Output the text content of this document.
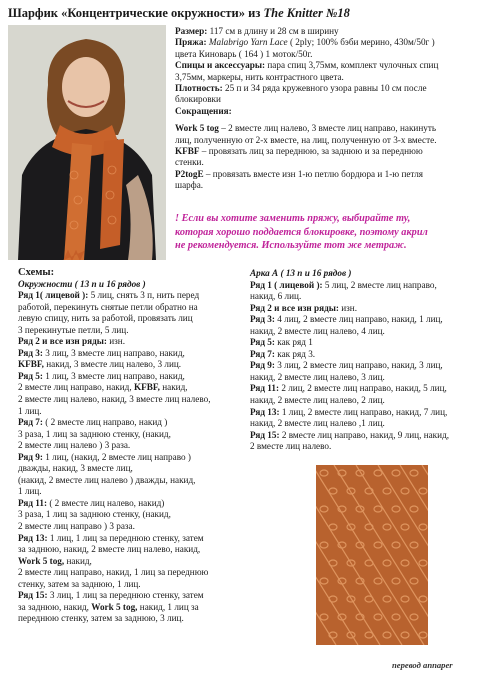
Шарфик «Концентрические окружности» из The Knitter №18

Размер: 117 см в длину и 28 см в ширину

Пряжа: Malabrigo Yarn Lace ( 2ply; 100% бэби мерино, 430м/50г )

цвета Киноварь ( 164 ) 1 моток/50г.

Спицы и аксессуары: пара спиц 3,75мм, комплект чулочных спиц

3,75мм, маркеры, нить контрастного цвета.

Плотность: 25 п и 34 ряда кружевного узора равны 10 см после

блокировки

Сокращения:

Work 5 tog – 2 вместе лиц налево, 3 вместе лиц направо, накинуть

лиц, полученную от 2-х вместе, на лиц, полученную от 3-х вместе.

KFBF – провязать лиц за переднюю, за заднюю и за переднюю

стенки.

P2togE – провязать вместе изн 1-ю петлю бордюра и 1-ю петля

шарфа.

! Если вы хотите заменить пряжу, выбирайте ту,
которая хорошо поддается блокировке, поэтому акрил
не рекомендуется. Используйте тот же метраж.

Схемы:

Окружности ( 13 п и 16 рядов )

Ряд 1( лицевой ): 5 лиц, снять 3 п, нить перед

работой, перекинуть снятые петли обратно на

левую спицу, нить за работой, провязать лиц

3 перекинутые петли, 5 лиц.

Ряд 2 и все изн ряды: изн.

Ряд 3: 3 лиц, 3 вместе лиц направо, накид,

KFBF, накид, 3 вместе лиц налево, 3 лиц.

Ряд 5: 1 лиц, 3 вместе лиц направо, накид,

2 вместе лиц направо, накид, KFBF, накид,

2 вместе лиц налево, накид, 3 вместе лиц налево,

1 лиц.

Ряд 7: ( 2 вместе лиц направо, накид )

3 раза, 1 лиц за заднюю стенку, (накид,

2 вместе лиц налево ) 3 раза.

Ряд 9: 1 лиц, (накид, 2 вместе лиц направо )

дважды, накид, 3 вместе лиц,

(накид, 2 вместе лиц налево ) дважды, накид,

1 лиц.

Ряд 11: ( 2 вместе лиц налево, накид)

3 раза, 1 лиц за заднюю стенку, (накид,

2 вместе лиц направо ) 3 раза.

Ряд 13: 1 лиц, 1 лиц за переднюю стенку, затем

за заднюю, накид, 2 вместе лиц налево, накид,

Work 5 tog, накид,

2 вместе лиц направо, накид, 1 лиц за переднюю

стенку, затем за заднюю, 1 лиц.

Ряд 15: 3 лиц, 1 лиц за переднюю стенку, затем

за заднюю, накид, Work 5 tog, накид, 1 лиц за

переднюю стенку, затем за заднюю, 3 лиц.

Арка А ( 13 п и 16 рядов )

Ряд 1 ( лицевой ): 5 лиц, 2 вместе лиц направо,

накид, 6 лиц.

Ряд 2 и все изн ряды: изн.

Ряд 3: 4 лиц, 2 вместе лиц направо, накид, 1 лиц,

накид, 2 вместе лиц налево, 4 лиц.

Ряд 5: как ряд 1

Ряд 7: как ряд 3.

Ряд 9: 3 лиц, 2 вместе лиц направо, накид, 3 лиц,

накид, 2 вместе лиц налево, 3 лиц.

Ряд 11: 2 лиц, 2 вместе лиц направо, накид, 5 лиц,

накид, 2 вместе лиц налево, 2 лиц.

Ряд 13: 1 лиц, 2 вместе лиц направо, накид, 7 лиц,

накид, 2 вместе лиц налево ,1 лиц.

Ряд 15: 2 вместе лиц направо, накид, 9 лиц, накид,

2 вместе лиц налево.

перевод annaper
